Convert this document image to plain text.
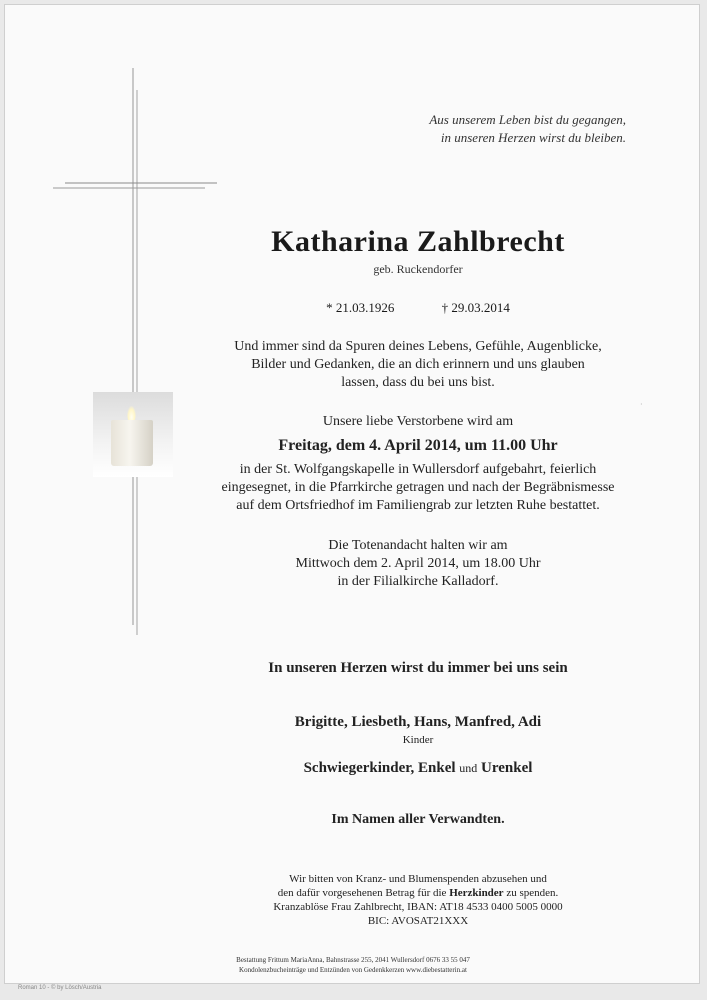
Aus unserem Leben bist du gegangen,
in unseren Herzen wirst du bleiben.
Katharina Zahlbrecht
geb. Ruckendorfer
* 21.03.1926	† 29.03.2014
Und immer sind da Spuren deines Lebens, Gefühle, Augenblicke,
Bilder und Gedanken, die an dich erinnern und uns glauben
lassen, dass du bei uns bist.
Unsere liebe Verstorbene wird am
Freitag, dem 4. April 2014, um 11.00 Uhr
in der St. Wolfgangskapelle in Wullersdorf aufgebahrt, feierlich
eingesegnet, in die Pfarrkirche getragen und nach der Begräbnismesse
auf dem Ortsfriedhof im Familiengrab zur letzten Ruhe bestattet.
Die Totenandacht halten wir am
Mittwoch dem 2. April 2014, um 18.00 Uhr
in der Filialkirche Kalladorf.
In unseren Herzen wirst du immer bei uns sein
Brigitte, Liesbeth, Hans, Manfred, Adi
Kinder
Schwiegerkinder, Enkel und Urenkel
Im Namen aller Verwandten.
Wir bitten von Kranz- und Blumenspenden abzusehen und
den dafür vorgesehenen Betrag für die Herzkinder zu spenden.
Kranzablöse Frau Zahlbrecht, IBAN: AT18 4533 0400 5005 0000
BIC: AVOSAT21XXX
Bestattung Frittum MariaAnna, Bahnstrasse 255, 2041 Wullersdorf 0676 33 55 047
Kondolenzbucheinträge und Entzünden von Gedenkkerzen www.diebestatterin.at
·
Roman 10 - © by Lösch/Austria
